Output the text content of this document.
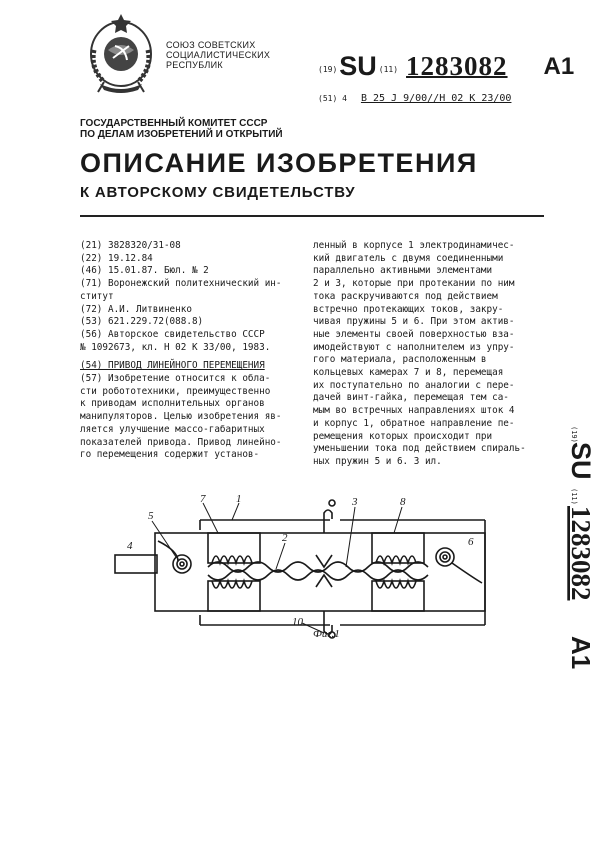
СОЮЗ СОВЕТСКИХ
СОЦИАЛИСТИЧЕСКИХ
РЕСПУБЛИК	(19) SU (11) 1283082 A1
(51) 4 B 25 J 9/00//H 02 K 23/00
ГОСУДАРСТВЕННЫЙ КОМИТЕТ СССР
ПО ДЕЛАМ ИЗОБРЕТЕНИЙ И ОТКРЫТИЙ
ОПИСАНИЕ ИЗОБРЕТЕНИЯ
К АВТОРСКОМУ СВИДЕТЕЛЬСТВУ
(21) 3828320/31-08
(22) 19.12.84
(46) 15.01.87. Бюл. № 2
(71) Воронежский политехнический ин-
ститут
(72) А.И. Литвиненко
(53) 621.229.72(088.8)
(56) Авторское свидетельство СССР
№ 1092673, кл. H 02 K 33/00, 1983.
(54) ПРИВОД ЛИНЕЙНОГО ПЕРЕМЕЩЕНИЯ
(57) Изобретение относится к обла-
сти робототехники, преимущественно
к приводам исполнительных органов
манипуляторов. Целью изобретения яв-
ляется улучшение массо-габаритных
показателей привода. Привод линейно-
го перемещения содержит установ-
ленный в корпусе 1 электродинамичес-
кий двигатель с двумя соединенными
параллельно активными элементами
2 и 3, которые при протекании по ним
тока раскручиваются под действием
встречно протекающих токов, закру-
чивая пружины 5 и 6. При этом актив-
ные элементы своей поверхностью вза-
имодействуют с наполнителем из упру-
гого материала, расположенным в
кольцевых камерах 7 и 8, перемещая
их поступательно по аналогии с пере-
дачей винт-гайка, перемещая тем са-
мым во встречных направлениях шток 4
и корпус 1, обратное направление пе-
ремещения которых происходит при
уменьшении тока под действием спираль-
ных пружин 5 и 6. 3 ил.
(19)
SU
(11)
1283082
A1
7	1	3	8
5
2
4	6
10
Фиг.1
